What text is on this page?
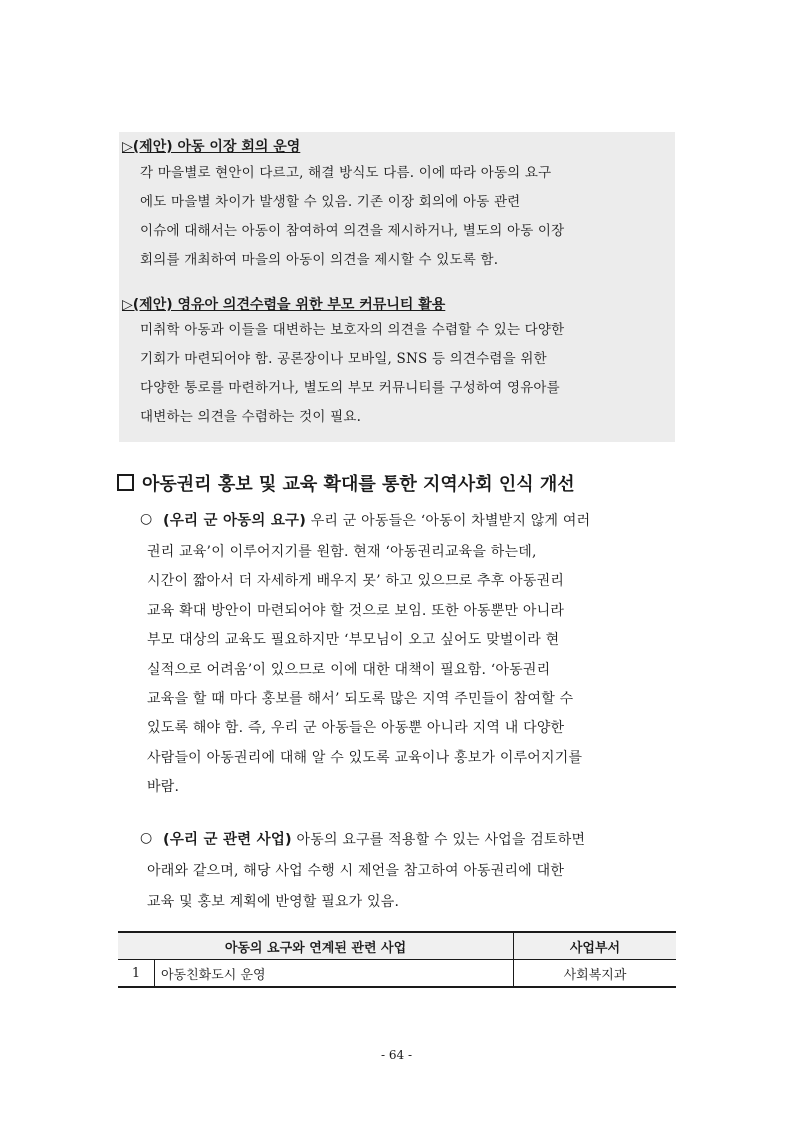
▷(제안) 아동 이장 회의 운영

각 마을별로 현안이 다르고, 해결 방식도 다름. 이에 따라 아동의 요구
에도 마을별 차이가 발생할 수 있음. 기존 이장 회의에 아동 관련
이슈에 대해서는 아동이 참여하여 의견을 제시하거나, 별도의 아동 이장
회의를 개최하여 마을의 아동이 의견을 제시할 수 있도록 함.

▷(제안) 영유아 의견수렴을 위한 부모 커뮤니티 활용

미취학 아동과 이들을 대변하는 보호자의 의견을 수렴할 수 있는 다양한
기회가 마련되어야 함. 공론장이나 모바일, SNS 등 의견수렴을 위한
다양한 통로를 마련하거나, 별도의 부모 커뮤니티를 구성하여 영유아를
대변하는 의견을 수렴하는 것이 필요.

아동권리 홍보 및 교육 확대를 통한 지역사회 인식 개선
○ (우리 군 아동의 요구) 우리 군 아동들은 ‘아동이 차별받지 않게 여러
권리 교육’이 이루어지기를 원함. 현재 ‘아동권리교육을 하는데,
시간이 짧아서 더 자세하게 배우지 못’ 하고 있으므로 추후 아동권리
교육 확대 방안이 마련되어야 할 것으로 보임. 또한 아동뿐만 아니라
부모 대상의 교육도 필요하지만 ‘부모님이 오고 싶어도 맞벌이라 현
실적으로 어려움’이 있으므로 이에 대한 대책이 필요함. ‘아동권리
교육을 할 때 마다 홍보를 해서’ 되도록 많은 지역 주민들이 참여할 수
있도록 해야 함. 즉, 우리 군 아동들은 아동뿐 아니라 지역 내 다양한
사람들이 아동권리에 대해 알 수 있도록 교육이나 홍보가 이루어지기를
바람.
○ (우리 군 관련 사업) 아동의 요구를 적용할 수 있는 사업을 검토하면
아래와 같으며, 해당 사업 수행 시 제언을 참고하여 아동권리에 대한
교육 및 홍보 계획에 반영할 필요가 있음.
아동의 요구와 연계된 관련 사업		사업부서
1	아동친화도시 운영	사회복지과
- 64 -
